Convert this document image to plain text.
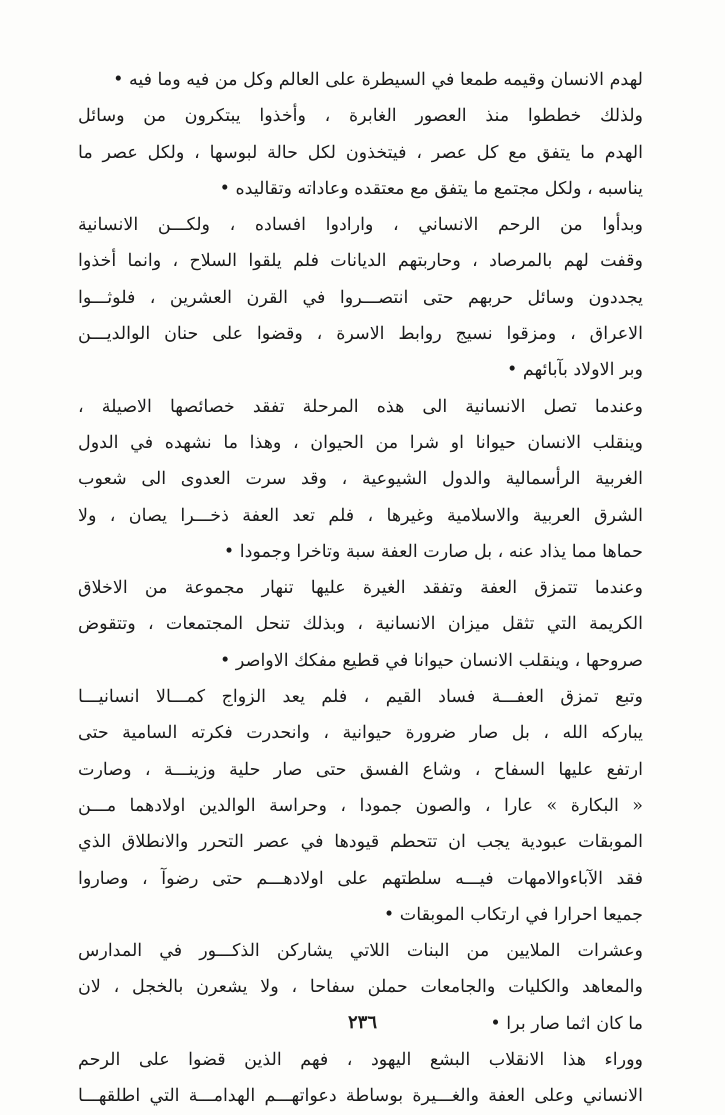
لهدم الانسان وقيمه طمعا في السيطرة على العالم وكل من فيه وما فيه •
ولذلك خططوا منذ العصور الغابرة ، وأخذوا يبتكرون من وسائل
الهدم ما يتفق مع كل عصر ، فيتخذون لكل حالة لبوسها ، ولكل عصر ما
يناسبه ، ولكل مجتمع ما يتفق مع معتقده وعاداته وتقاليده •
وبدأوا من الرحم الانساني ، وارادوا افساده ، ولكـــن الانسانية
وقفت لهم بالمرصاد ، وحاربتهم الديانات فلم يلقوا السلاح ، وانما أخذوا
يجددون وسائل حربهم حتى انتصـــروا في القرن العشرين ، فلوثـــوا
الاعراق ، ومزقوا نسيج روابط الاسرة ، وقضوا على حنان الوالديـــن
وبر الاولاد بآبائهم •
وعندما تصل الانسانية الى هذه المرحلة تفقد خصائصها الاصيلة ،
وينقلب الانسان حيوانا او شرا من الحيوان ، وهذا ما نشهده في الدول
الغربية الرأسمالية والدول الشيوعية ، وقد سرت العدوى الى شعوب
الشرق العربية والاسلامية وغيرها ، فلم تعد العفة ذخـــرا يصان ، ولا
حماها مما يذاد عنه ، بل صارت العفة سبة وتاخرا وجمودا •
وعندما تتمزق العفة وتفقد الغيرة عليها تنهار مجموعة من الاخلاق
الكريمة التي تثقل ميزان الانسانية ، وبذلك تنحل المجتمعات ، وتتقوض
صروحها ، وينقلب الانسان حيوانا في قطيع مفكك الاواصر •
وتبع تمزق العفـــة فساد القيم ، فلم يعد الزواج كمـــالا انسانيـــا
يباركه الله ، بل صار ضرورة حيوانية ، وانحدرت فكرته السامية حتى
ارتفع عليها السفاح ، وشاع الفسق حتى صار حلية وزينـــة ، وصارت
« البكارة » عارا ، والصون جمودا ، وحراسة الوالدين اولادهما مـــن
الموبقات عبودية يجب ان تتحطم قيودها في عصر التحرر والانطلاق الذي
فقد الآباءوالامهات فيـــه سلطتهم على اولادهـــم حتى رضوآ ، وصاروا
جميعا احرارا في ارتكاب الموبقات •
وعشرات الملايين من البنات اللاتي يشاركن الذكـــور في المدارس
والمعاهد والكليات والجامعات حملن سفاحا ، ولا يشعرن بالخجل ، لان
ما كان اثما صار برا •
ووراء هذا الانقلاب البشع اليهود ، فهم الذين قضوا على الرحم
الانساني وعلى العفة والغـــيرة بوساطة دعواتهـــم الهدامـــة التي اطلقهـــا
٢٣٦
